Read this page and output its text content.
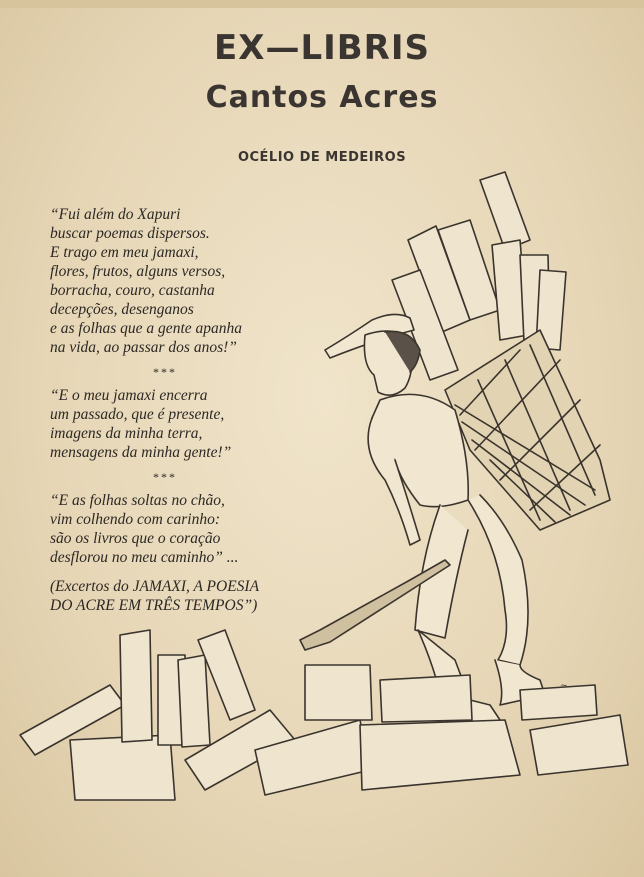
EX—LIBRIS
Cantos Acres
OCÉLIO DE MEDEIROS
“Fui além do Xapuri
buscar poemas dispersos.
E trago em meu jamaxi,
flores, frutos, alguns versos,
borracha, couro, castanha
decepções, desenganos
e as folhas que a gente apanha
na vida, ao passar dos anos!”
***
“E o meu jamaxi encerra
um passado, que é presente,
imagens da minha terra,
mensagens da minha gente!”
***
“E as folhas soltas no chão,
vim colhendo com carinho:
são os livros que o coração
desflorou no meu caminho” ...
(Excertos do JAMAXI, A POESIA
DO ACRE EM TRÊS TEMPOS”)
~
